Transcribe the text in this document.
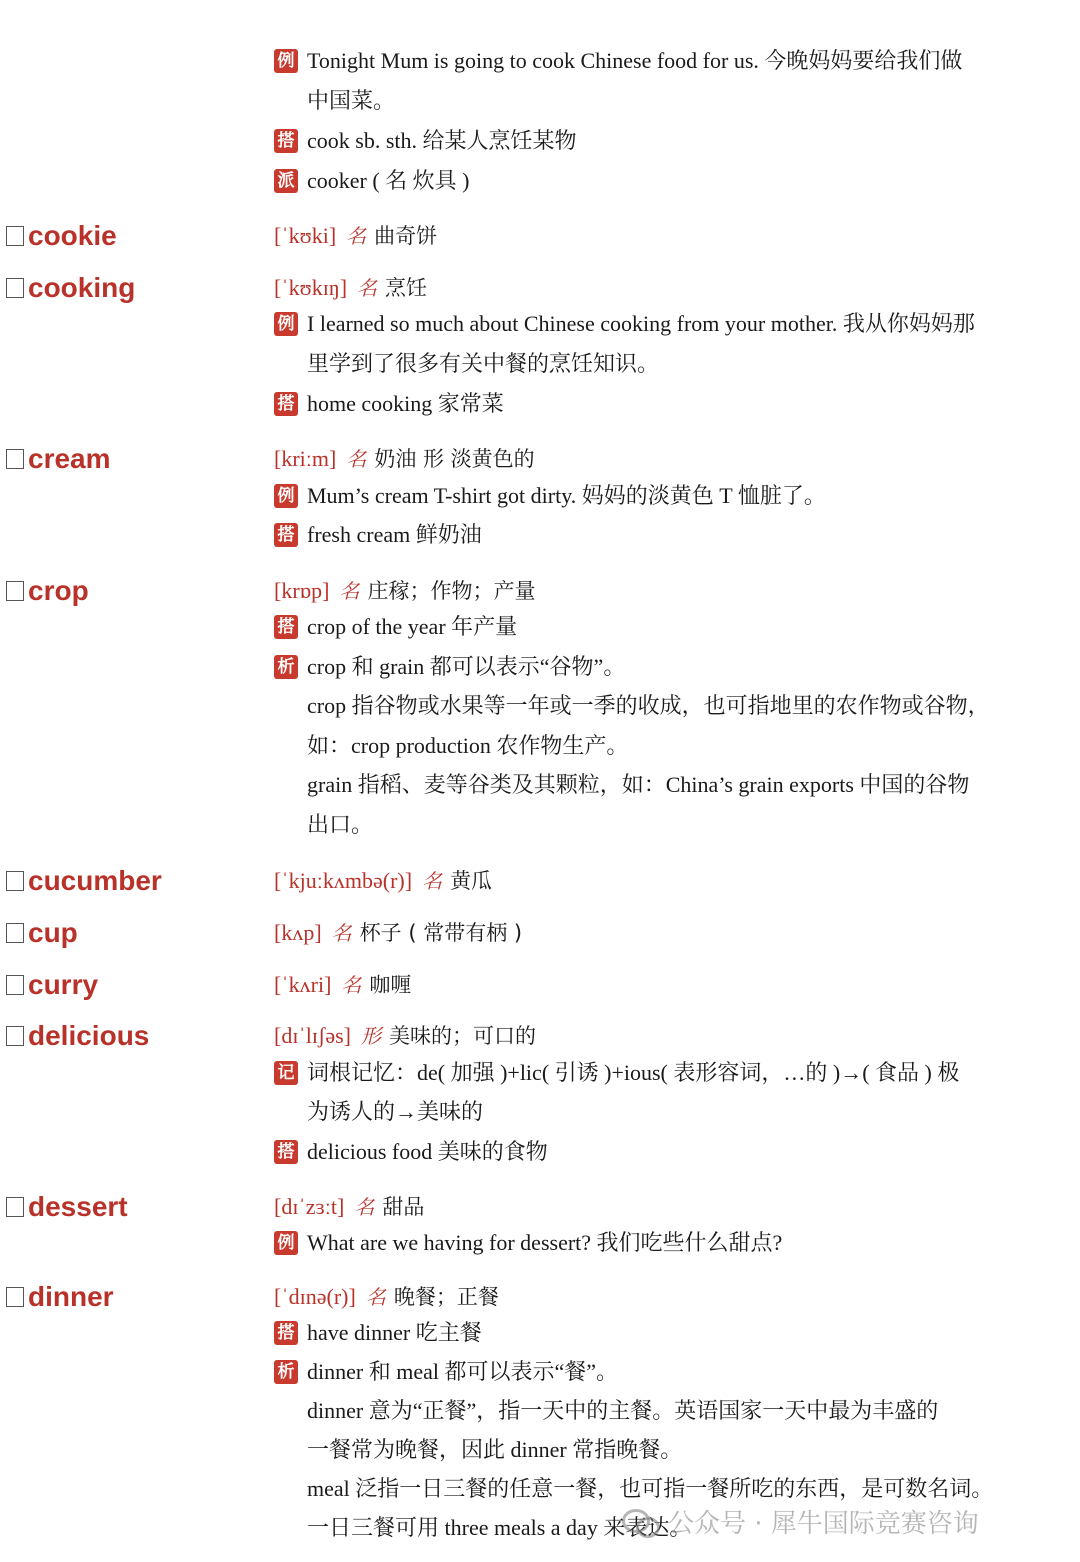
例 Tonight Mum is going to cook Chinese food for us. 今晚妈妈要给我们做
中国菜。
搭 cook sb. sth. 给某人烹饪某物
派 cooker ( 名 炊具 )
cookie	[ˈkʊki] 名 曲奇饼
cooking	[ˈkʊkɪŋ] 名 烹饪
例 I learned so much about Chinese cooking from your mother. 我从你妈妈那
里学到了很多有关中餐的烹饪知识。
搭 home cooking 家常菜
cream	[kriːm] 名 奶油 形 淡黄色的
例 Mum’s cream T-shirt got dirty. 妈妈的淡黄色 T 恤脏了。
搭 fresh cream 鲜奶油
crop	[krɒp] 名 庄稼；作物；产量
搭 crop of the year 年产量
析 crop 和 grain 都可以表示“谷物”。
crop 指谷物或水果等一年或一季的收成，也可指地里的农作物或谷物，
如：crop production 农作物生产。
grain 指稻、麦等谷类及其颗粒，如：China’s grain exports 中国的谷物
出口。
cucumber	[ˈkjuːkʌmbə(r)] 名 黄瓜
cup	[kʌp] 名 杯子 ( 常带有柄 )
curry	[ˈkʌri] 名 咖喱
delicious	[dɪˈlɪʃəs] 形 美味的；可口的
记 词根记忆：de( 加强 )+lic( 引诱 )+ious( 表形容词，…的 )→( 食品 ) 极
为诱人的→美味的
搭 delicious food 美味的食物
dessert	[dɪˈzɜːt] 名 甜品
例 What are we having for dessert? 我们吃些什么甜点?
dinner	[ˈdɪnə(r)] 名 晚餐；正餐
搭 have dinner 吃主餐
析 dinner 和 meal 都可以表示“餐”。
dinner 意为“正餐”，指一天中的主餐。英语国家一天中最为丰盛的
一餐常为晚餐，因此 dinner 常指晚餐。
meal 泛指一日三餐的任意一餐，也可指一餐所吃的东西，是可数名词。
一日三餐可用 three meals a day 来表达。
公众号 · 犀牛国际竞赛咨询
